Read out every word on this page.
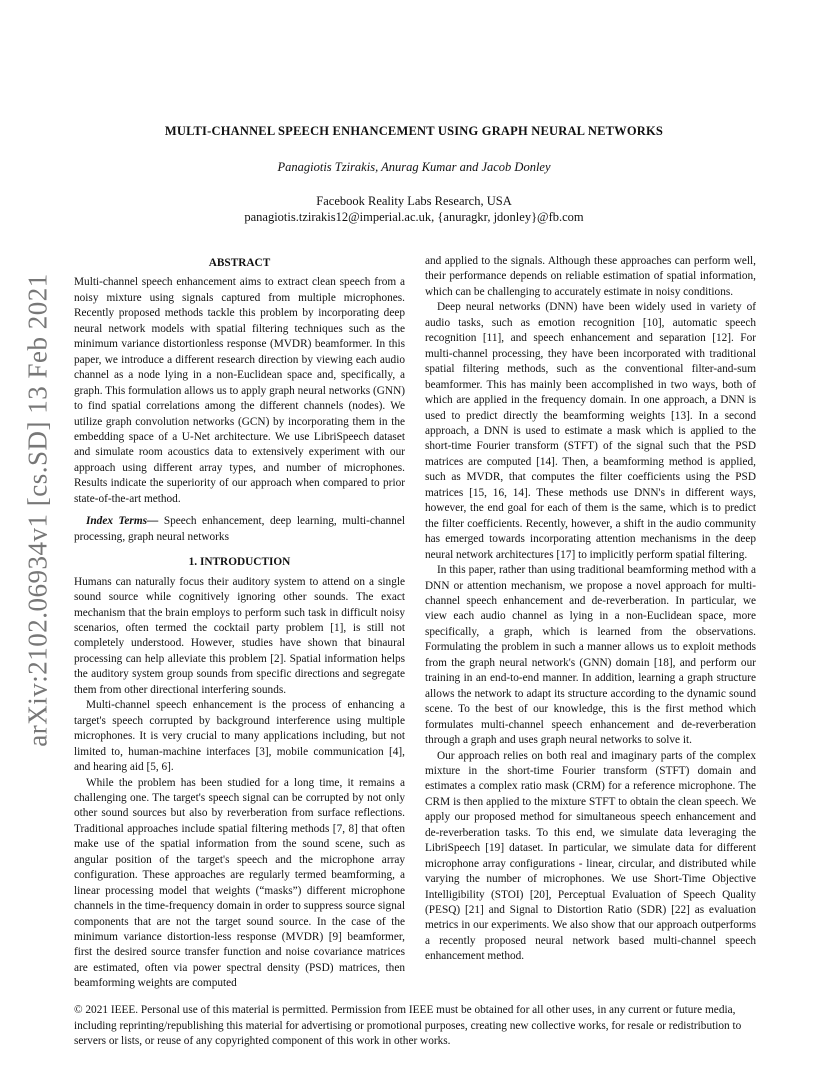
arXiv:2102.06934v1 [cs.SD] 13 Feb 2021
MULTI-CHANNEL SPEECH ENHANCEMENT USING GRAPH NEURAL NETWORKS
Panagiotis Tzirakis, Anurag Kumar and Jacob Donley
Facebook Reality Labs Research, USA
panagiotis.tzirakis12@imperial.ac.uk, {anuragkr, jdonley}@fb.com
ABSTRACT

Multi-channel speech enhancement aims to extract clean speech from a noisy mixture using signals captured from multiple microphones. Recently proposed methods tackle this problem by incorporating deep neural network models with spatial filtering techniques such as the minimum variance distortionless response (MVDR) beamformer. In this paper, we introduce a different research direction by viewing each audio channel as a node lying in a non-Euclidean space and, specifically, a graph. This formulation allows us to apply graph neural networks (GNN) to find spatial correlations among the different channels (nodes). We utilize graph convolution networks (GCN) by incorporating them in the embedding space of a U-Net architecture. We use LibriSpeech dataset and simulate room acoustics data to extensively experiment with our approach using different array types, and number of microphones. Results indicate the superiority of our approach when compared to prior state-of-the-art method.

Index Terms— Speech enhancement, deep learning, multi-channel processing, graph neural networks

1. INTRODUCTION

Humans can naturally focus their auditory system to attend on a single sound source while cognitively ignoring other sounds. The exact mechanism that the brain employs to perform such task in difficult noisy scenarios, often termed the cocktail party problem [1], is still not completely understood. However, studies have shown that binaural processing can help alleviate this problem [2]. Spatial information helps the auditory system group sounds from specific directions and segregate them from other directional interfering sounds.

Multi-channel speech enhancement is the process of enhancing a target's speech corrupted by background interference using multiple microphones. It is very crucial to many applications including, but not limited to, human-machine interfaces [3], mobile communication [4], and hearing aid [5, 6].

While the problem has been studied for a long time, it remains a challenging one. The target's speech signal can be corrupted by not only other sound sources but also by reverberation from surface reflections. Traditional approaches include spatial filtering methods [7, 8] that often make use of the spatial information from the sound scene, such as angular position of the target's speech and the microphone array configuration. These approaches are regularly termed beamforming, a linear processing model that weights (“masks”) different microphone channels in the time-frequency domain in order to suppress source signal components that are not the target sound source. In the case of the minimum variance distortion-less response (MVDR) [9] beamformer, first the desired source transfer function and noise covariance matrices are estimated, often via power spectral density (PSD) matrices, then beamforming weights are computed

and applied to the signals. Although these approaches can perform well, their performance depends on reliable estimation of spatial information, which can be challenging to accurately estimate in noisy conditions.

Deep neural networks (DNN) have been widely used in variety of audio tasks, such as emotion recognition [10], automatic speech recognition [11], and speech enhancement and separation [12]. For multi-channel processing, they have been incorporated with traditional spatial filtering methods, such as the conventional filter-and-sum beamformer. This has mainly been accomplished in two ways, both of which are applied in the frequency domain. In one approach, a DNN is used to predict directly the beamforming weights [13]. In a second approach, a DNN is used to estimate a mask which is applied to the short-time Fourier transform (STFT) of the signal such that the PSD matrices are computed [14]. Then, a beamforming method is applied, such as MVDR, that computes the filter coefficients using the PSD matrices [15, 16, 14]. These methods use DNN's in different ways, however, the end goal for each of them is the same, which is to predict the filter coefficients. Recently, however, a shift in the audio community has emerged towards incorporating attention mechanisms in the deep neural network architectures [17] to implicitly perform spatial filtering.

In this paper, rather than using traditional beamforming method with a DNN or attention mechanism, we propose a novel approach for multi-channel speech enhancement and de-reverberation. In particular, we view each audio channel as lying in a non-Euclidean space, more specifically, a graph, which is learned from the observations. Formulating the problem in such a manner allows us to exploit methods from the graph neural network's (GNN) domain [18], and perform our training in an end-to-end manner. In addition, learning a graph structure allows the network to adapt its structure according to the dynamic sound scene. To the best of our knowledge, this is the first method which formulates multi-channel speech enhancement and de-reverberation through a graph and uses graph neural networks to solve it.

Our approach relies on both real and imaginary parts of the complex mixture in the short-time Fourier transform (STFT) domain and estimates a complex ratio mask (CRM) for a reference microphone. The CRM is then applied to the mixture STFT to obtain the clean speech. We apply our proposed method for simultaneous speech enhancement and de-reverberation tasks. To this end, we simulate data leveraging the LibriSpeech [19] dataset. In particular, we simulate data for different microphone array configurations - linear, circular, and distributed while varying the number of microphones. We use Short-Time Objective Intelligibility (STOI) [20], Perceptual Evaluation of Speech Quality (PESQ) [21] and Signal to Distortion Ratio (SDR) [22] as evaluation metrics in our experiments. We also show that our approach outperforms a recently proposed neural network based multi-channel speech enhancement method.

© 2021 IEEE. Personal use of this material is permitted. Permission from IEEE must be obtained for all other uses, in any current or future media, including reprinting/republishing this material for advertising or promotional purposes, creating new collective works, for resale or redistribution to servers or lists, or reuse of any copyrighted component of this work in other works.
